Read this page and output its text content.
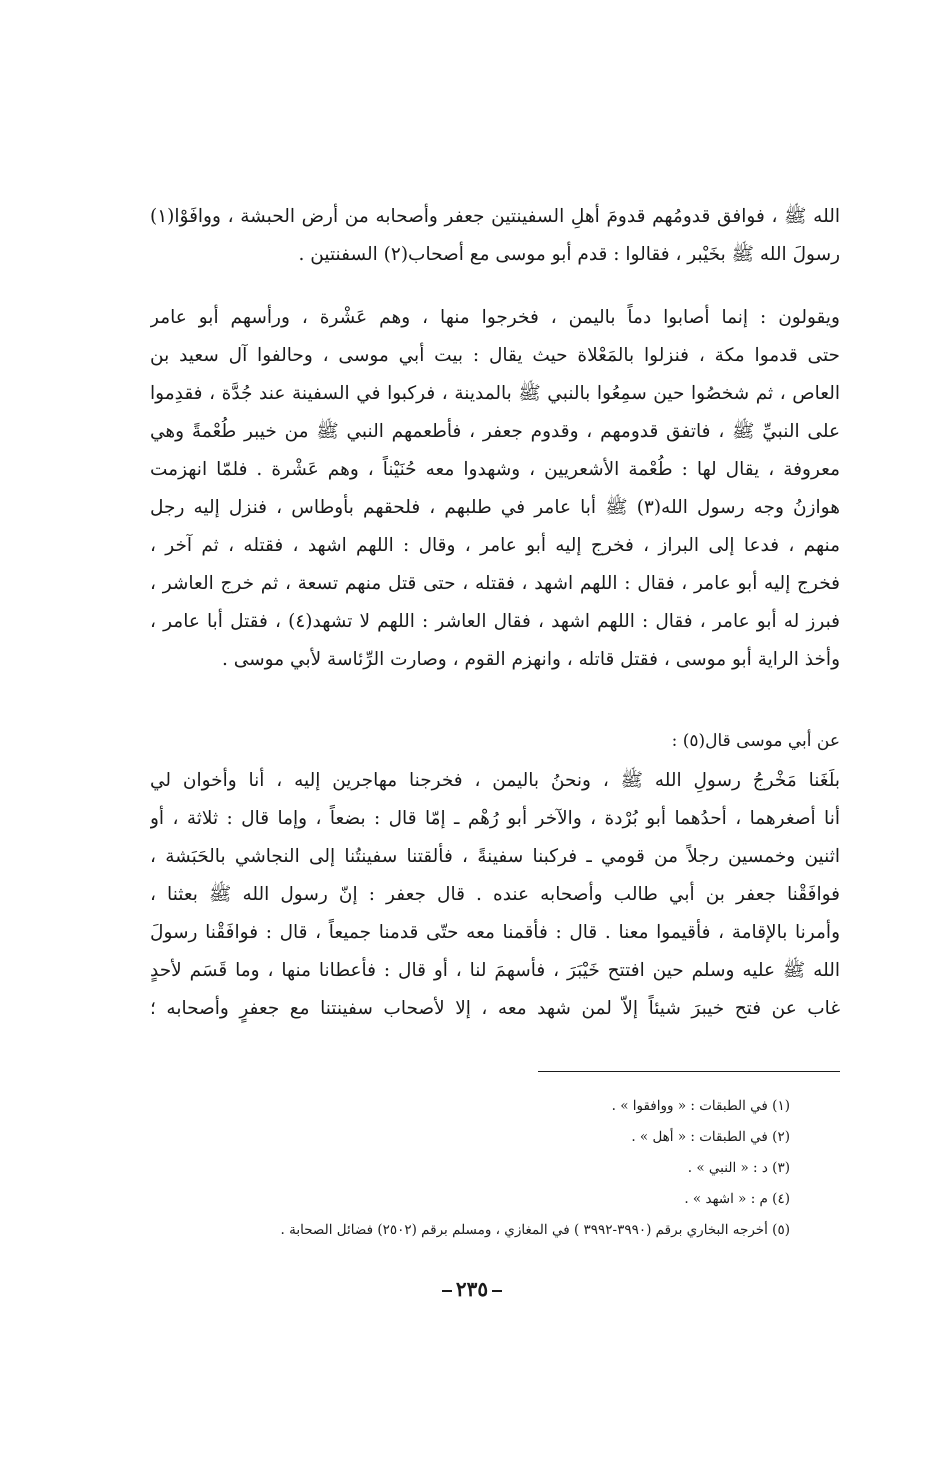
الله ﷺ ، فوافق قدومُهم قدومَ أهلِ السفينتين جعفر وأصحابه من أرض الحبشة ، ووافَوْا(١)
رسولَ الله ﷺ بخَيْبر ، فقالوا : قدم أبو موسى مع أصحاب(٢) السفنتين .
ويقولون : إنما أصابوا دماً باليمن ، فخرجوا منها ، وهم عَشْرة ، ورأسهم أبو عامر
حتى قدموا مكة ، فنزلوا بالمَعْلاة حيث يقال : بيت أبي موسى ، وحالفوا آل سعيد بن
العاص ، ثم شخصُوا حين سمِعُوا بالنبي ﷺ بالمدينة ، فركبوا في السفينة عند جُدَّة ، فقدِموا
على النبيِّ ﷺ ، فاتفق قدومهم ، وقدوم جعفر ، فأطعمهم النبي ﷺ من خيبر طُعْمةً وهي
معروفة ، يقال لها : طُعْمة الأشعريين ، وشهدوا معه حُنَيْناً ، وهم عَشْرة . فلمّا انهزمت
هوازنُ وجه رسول الله(٣) ﷺ أبا عامر في طلبهم ، فلحقهم بأوطاس ، فنزل إليه رجل
منهم ، فدعا إلى البراز ، فخرج إليه أبو عامر ، وقال : اللهم اشهد ، فقتله ، ثم آخر ،
فخرج إليه أبو عامر ، فقال : اللهم اشهد ، فقتله ، حتى قتل منهم تسعة ، ثم خرج العاشر ،
فبرز له أبو عامر ، فقال : اللهم اشهد ، فقال العاشر : اللهم لا تشهد(٤) ، فقتل أبا عامر ،
وأخذ الراية أبو موسى ، فقتل قاتله ، وانهزم القوم ، وصارت الرِّئاسة لأبي موسى .
عن أبي موسى قال(٥) :
بلَغَنا مَخْرجُ رسولِ الله ﷺ ، ونحنُ باليمن ، فخرجنا مهاجرين إليه ، أنا وأخوان لي
أنا أصغرهما ، أحدُهما أبو بُرْدة ، والآخر أبو رُهْم ـ إمّا قال : بضعاً ، وإما قال : ثلاثة ، أو
اثنين وخمسين رجلاً من قومي ـ فركبنا سفينةً ، فألقتنا سفينتُنا إلى النجاشي بالحَبَشة ،
فوافَقْنا جعفر بن أبي طالب وأصحابه عنده . قال جعفر : إنّ رسول الله ﷺ بعثنا ،
وأمرنا بالإقامة ، فأقيموا معنا . قال : فأقمنا معه حتّى قدمنا جميعاً ، قال : فوافَقْنا رسولَ
الله ﷺ عليه وسلم حين افتتح خَيْبَرَ ، فأسهمَ لنا ، أو قال : فأعطانا منها ، وما قَسَم لأحدٍ
غاب عن فتح خيبرَ شيئاً إلاّ لمن شهد معه ، إلا لأصحاب سفينتنا مع جعفرٍ وأصحابه ؛
(١) في الطبقات : « ووافقوا » .
(٢) في الطبقات : « أهل » .
(٣) د : « النبي » .
(٤) م : « اشهد » .
(٥) أخرجه البخاري برقم (٣٩٩٠-٣٩٩٢ ) في المغازي ، ومسلم برقم (٢٥٠٢) فضائل الصحابة .
٢٣٥
